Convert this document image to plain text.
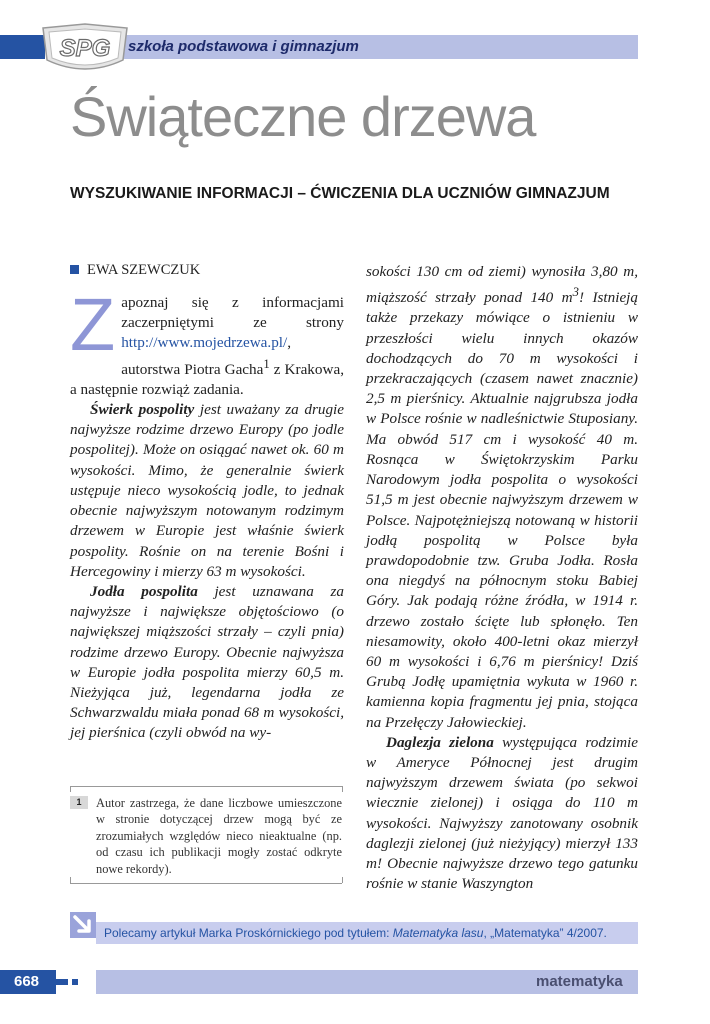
szkoła podstawowa i gimnazjum
SPG
Świąteczne drzewa
WYSZUKIWANIE INFORMACJI – ĆWICZENIA DLA UCZNIÓW GIMNAZJUM
EWA SZEWCZUK

Zapoznaj się z informacjami zaczerpniętymi ze strony http://www.mojedrzewa.pl/, autorstwa Piotra Gacha$^1$ z Krakowa, a następnie rozwiąż zadania.

Świerk pospolity jest uważany za drugie najwyższe rodzime drzewo Europy (po jodle pospolitej). Może on osiągać nawet ok. 60 m wysokości. Mimo, że generalnie świerk ustępuje nieco wysokością jodle, to jednak obecnie najwyższym notowanym rodzimym drzewem w Europie jest właśnie świerk pospolity. Rośnie on na terenie Bośni i Hercegowiny i mierzy 63 m wysokości.

Jodła pospolita jest uznawana za najwyższe i największe objętościowo (o największej miąższości strzały – czyli pnia) rodzime drzewo Europy. Obecnie najwyższa w Europie jodła pospolita mierzy 60,5 m. Nieżyjąca już, legendarna jodła ze Schwarzwaldu miała ponad 68 m wysokości, jej pierśnica (czyli obwód na wy-

sokości 130 cm od ziemi) wynosiła 3,80 m, miąższość strzały ponad 140 $m^3$! Istnieją także przekazy mówiące o istnieniu w przeszłości wielu innych okazów dochodzących do 70 m wysokości i przekraczających (czasem nawet znacznie) 2,5 m pierśnicy. Aktualnie najgrubsza jodła w Polsce rośnie w nadleśnictwie Stuposiany. Ma obwód 517 cm i wysokość 40 m. Rosnąca w Świętokrzyskim Parku Narodowym jodła pospolita o wysokości 51,5 m jest obecnie najwyższym drzewem w Polsce. Najpotężniejszą notowaną w historii jodłą pospolitą w Polsce była prawdopodobnie tzw. Gruba Jodła. Rosła ona niegdyś na północnym stoku Babiej Góry. Jak podają różne źródła, w 1914 r. drzewo zostało ścięte lub spłonęło. Ten niesamowity, około 400-letni okaz mierzył 60 m wysokości i 6,76 m pierśnicy! Dziś Grubą Jodłę upamiętnia wykuta w 1960 r. kamienna kopia fragmentu jej pnia, stojąca na Przełęczy Jałowieckiej.

Daglezja zielona występująca rodzimie w Ameryce Północnej jest drugim najwyższym drzewem świata (po sekwoi wiecznie zielonej) i osiąga do 110 m wysokości. Najwyższy zanotowany osobnik daglezji zielonej (już nieżyjący) mierzył 133 m! Obecnie najwyższe drzewo tego gatunku rośnie w stanie Waszyngton

1	Autor zastrzega, że dane liczbowe umieszczone w stronie dotyczącej drzew mogą być ze zrozumiałych względów nieco nieaktualne (np. od czasu ich publikacji mogły zostać odkryte nowe rekordy).
Polecamy artykuł Marka Proskórnickiego pod tytułem: Matematyka lasu, „Matematyka” 4/2007.
668	matematyka
